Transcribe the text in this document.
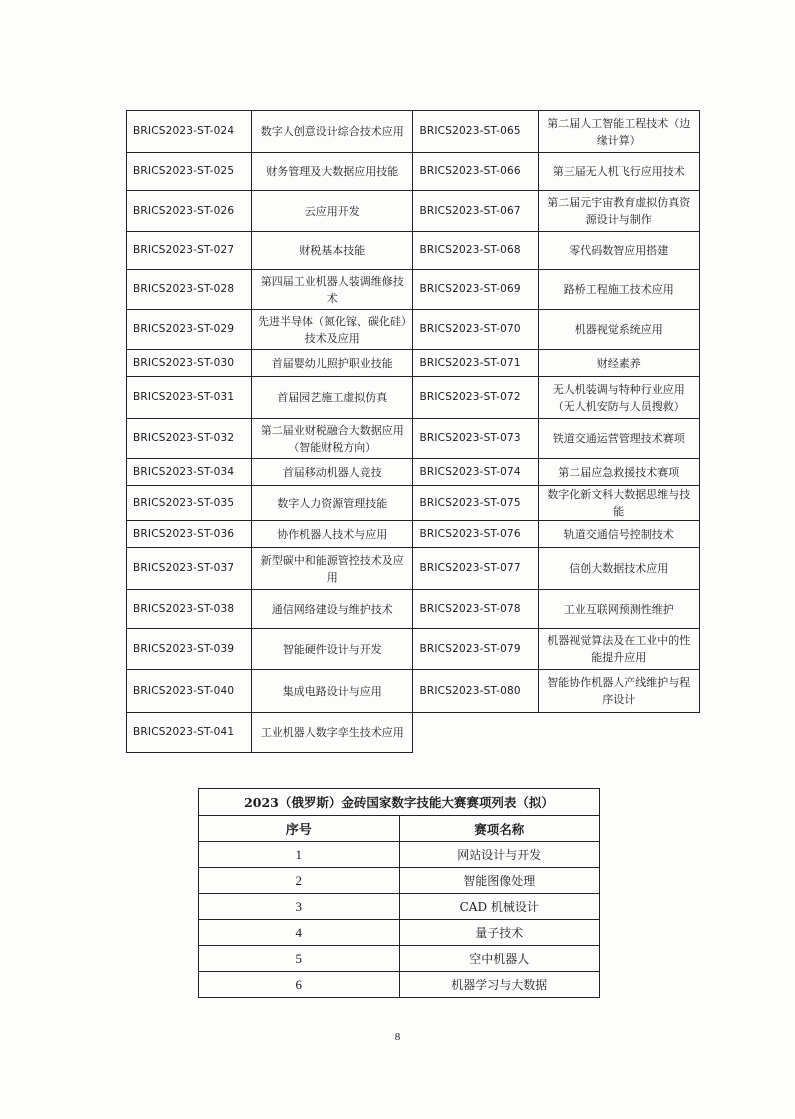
BRICS2023-ST-024	数字人创意设计综合技术应用	BRICS2023-ST-065	第二届人工智能工程技术（边缘计算）
BRICS2023-ST-025	财务管理及大数据应用技能	BRICS2023-ST-066	第三届无人机飞行应用技术
BRICS2023-ST-026	云应用开发	BRICS2023-ST-067	第二届元宇宙教育虚拟仿真资源设计与制作
BRICS2023-ST-027	财税基本技能	BRICS2023-ST-068	零代码数智应用搭建
BRICS2023-ST-028	第四届工业机器人装调维修技术	BRICS2023-ST-069	路桥工程施工技术应用
BRICS2023-ST-029	先进半导体（氮化镓、碳化硅）技术及应用	BRICS2023-ST-070	机器视觉系统应用
BRICS2023-ST-030	首届婴幼儿照护职业技能	BRICS2023-ST-071	财经素养
BRICS2023-ST-031	首届园艺施工虚拟仿真	BRICS2023-ST-072	无人机装调与特种行业应用（无人机安防与人员搜救）
BRICS2023-ST-032	第二届业财税融合大数据应用（智能财税方向）	BRICS2023-ST-073	铁道交通运营管理技术赛项
BRICS2023-ST-034	首届移动机器人竞技	BRICS2023-ST-074	第二届应急救援技术赛项
BRICS2023-ST-035	数字人力资源管理技能	BRICS2023-ST-075	数字化新文科大数据思维与技能
BRICS2023-ST-036	协作机器人技术与应用	BRICS2023-ST-076	轨道交通信号控制技术
BRICS2023-ST-037	新型碳中和能源管控技术及应用	BRICS2023-ST-077	信创大数据技术应用
BRICS2023-ST-038	通信网络建设与维护技术	BRICS2023-ST-078	工业互联网预测性维护
BRICS2023-ST-039	智能硬件设计与开发	BRICS2023-ST-079	机器视觉算法及在工业中的性能提升应用
BRICS2023-ST-040	集成电路设计与应用	BRICS2023-ST-080	智能协作机器人产线维护与程序设计
BRICS2023-ST-041	工业机器人数字孪生技术应用		
2023（俄罗斯）金砖国家数字技能大赛赛项列表（拟）	
序号	赛项名称
1	网站设计与开发
2	智能图像处理
3	CAD 机械设计
4	量子技术
5	空中机器人
6	机器学习与大数据
8
